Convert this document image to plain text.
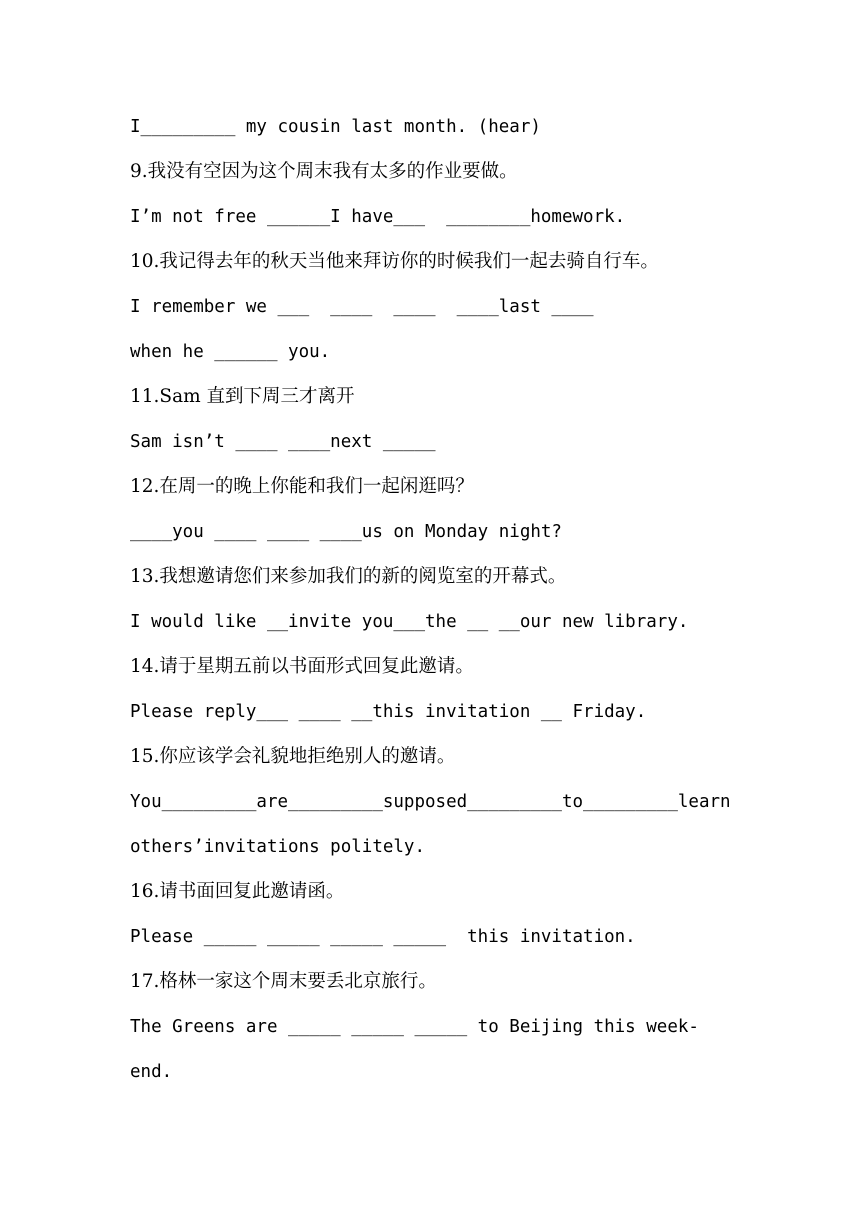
I_________ my cousin last month. (hear)
9.我没有空因为这个周末我有太多的作业要做。
I’m not free ______I have___  ________homework.
10.我记得去年的秋天当他来拜访你的时候我们一起去骑自行车。
I remember we ___  ____  ____  ____last ____
when he ______ you.
11.Sam 直到下周三才离开
Sam isn’t ____ ____next _____
12.在周一的晚上你能和我们一起闲逛吗？
____you ____ ____ ____us on Monday night?
13.我想邀请您们来参加我们的新的阅览室的开幕式。
I would like __invite you___the __ __our new library.
14.请于星期五前以书面形式回复此邀请。
Please reply___ ____ __this invitation __ Friday.
15.你应该学会礼貌地拒绝别人的邀请。
You_________are_________supposed_________to_________learn
others’invitations politely.
16.请书面回复此邀请函。
Please _____ _____ _____ _____  this invitation.
17.格林一家这个周末要丢北京旅行。
The Greens are _____ _____ _____ to Beijing this week-
end.
